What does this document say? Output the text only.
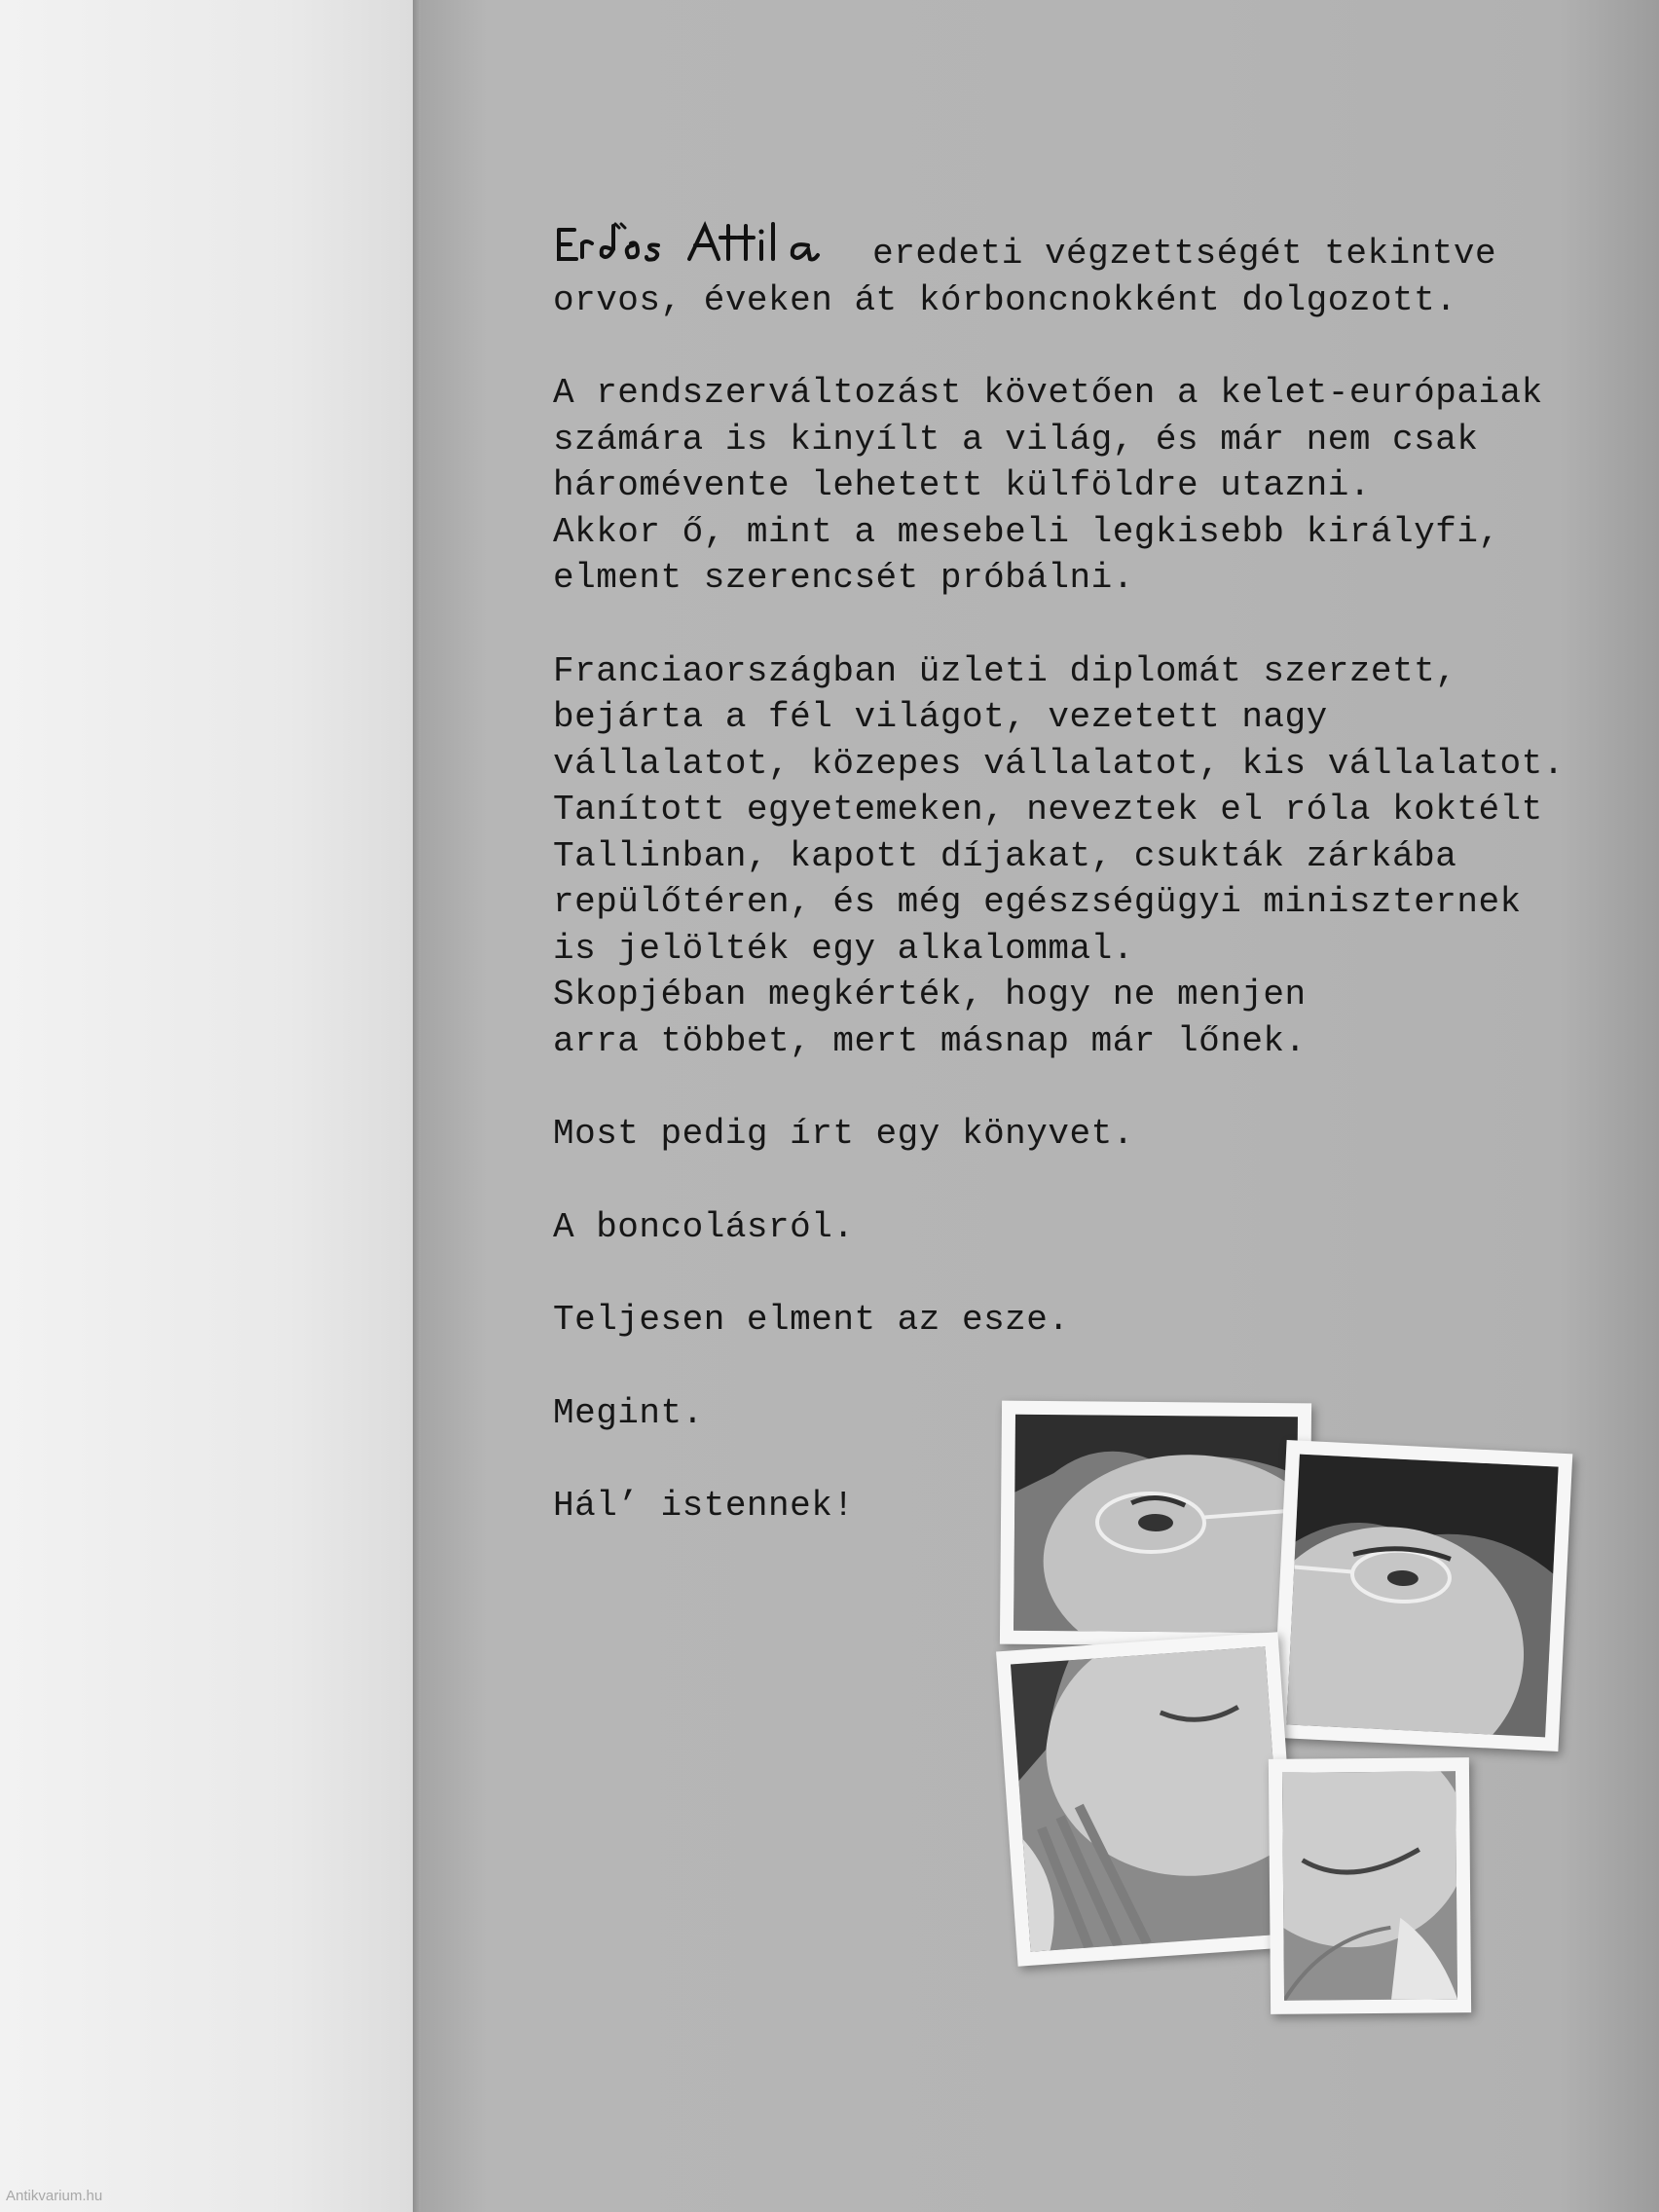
eredeti végzettségét tekintve
orvos, éveken át kórboncnokként dolgozott.

A rendszerváltozást követően a kelet-európaiak
számára is kinyílt a világ, és már nem csak
háromévente lehetett külföldre utazni.
Akkor ő, mint a mesebeli legkisebb királyfi,
elment szerencsét próbálni.

Franciaországban üzleti diplomát szerzett,
bejárta a fél világot, vezetett nagy
vállalatot, közepes vállalatot, kis vállalatot.
Tanított egyetemeken, neveztek el róla koktélt
Tallinban, kapott díjakat, csukták zárkába
repülőtéren, és még egészségügyi miniszternek
is jelölték egy alkalommal.
Skopjéban megkérték, hogy ne menjen
arra többet, mert másnap már lőnek.

Most pedig írt egy könyvet.

A boncolásról.

Teljesen elment az esze.

Megint.

Hál’ istennek!

Antikvarium.hu
